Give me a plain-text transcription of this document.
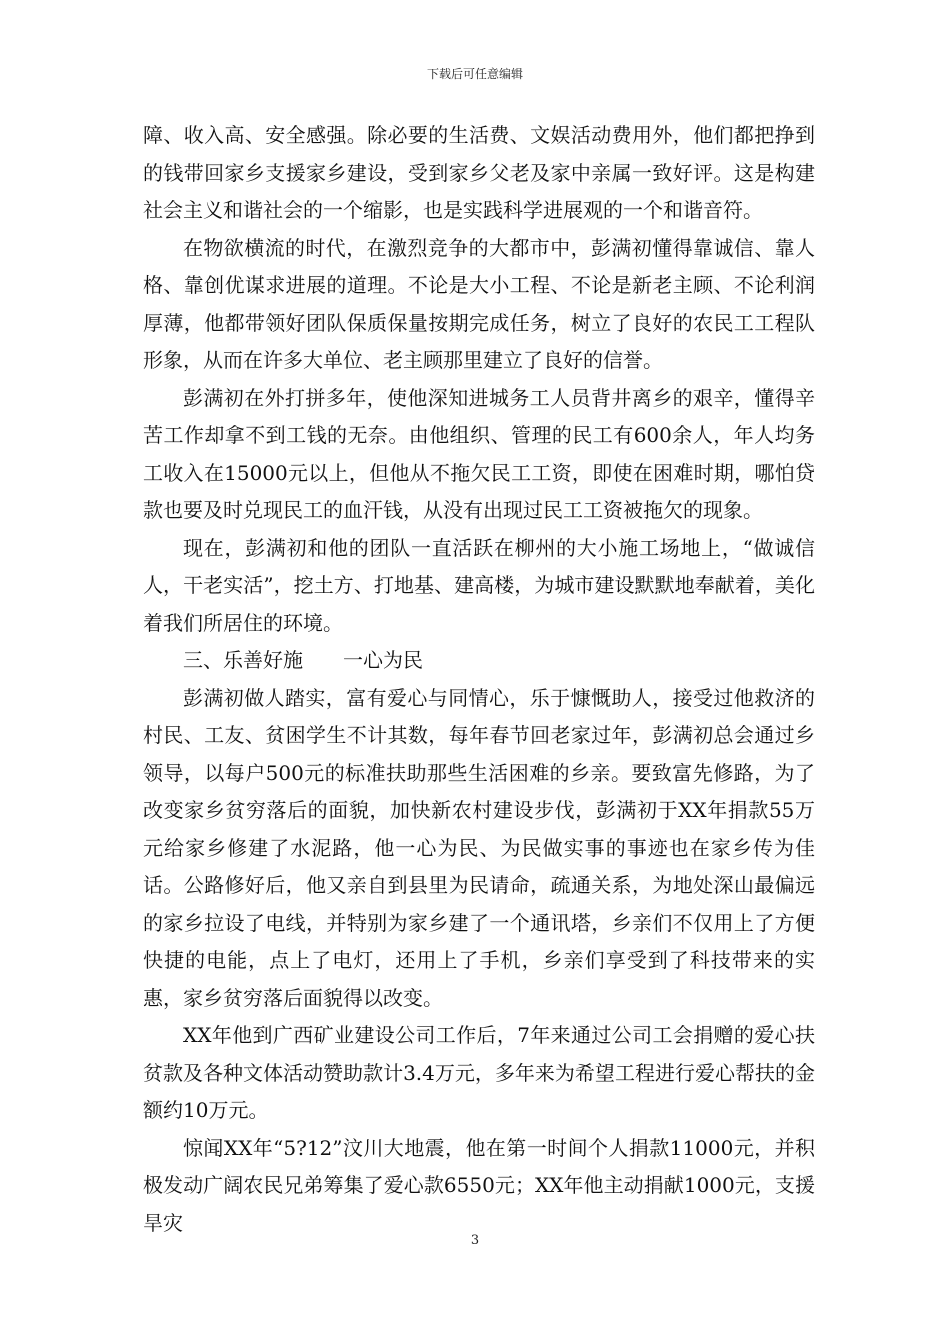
下载后可任意编辑

障、收入高、安全感强。除必要的生活费、文娱活动费用外，他们都把挣到的钱带回家乡支援家乡建设，受到家乡父老及家中亲属一致好评。这是构建社会主义和谐社会的一个缩影，也是实践科学进展观的一个和谐音符。

在物欲横流的时代，在激烈竞争的大都市中，彭满初懂得靠诚信、靠人格、靠创优谋求进展的道理。不论是大小工程、不论是新老主顾、不论利润厚薄，他都带领好团队保质保量按期完成任务，树立了良好的农民工工程队形象，从而在许多大单位、老主顾那里建立了良好的信誉。

彭满初在外打拼多年，使他深知进城务工人员背井离乡的艰辛，懂得辛苦工作却拿不到工钱的无奈。由他组织、管理的民工有600余人，年人均务工收入在15000元以上，但他从不拖欠民工工资，即使在困难时期，哪怕贷款也要及时兑现民工的血汗钱，从没有出现过民工工资被拖欠的现象。

现在，彭满初和他的团队一直活跃在柳州的大小施工场地上，“做诚信人，干老实活”，挖土方、打地基、建高楼，为城市建设默默地奉献着，美化着我们所居住的环境。

三、乐善好施　　一心为民

彭满初做人踏实，富有爱心与同情心，乐于慷慨助人，接受过他救济的村民、工友、贫困学生不计其数，每年春节回老家过年，彭满初总会通过乡领导，以每户500元的标准扶助那些生活困难的乡亲。要致富先修路，为了改变家乡贫穷落后的面貌，加快新农村建设步伐，彭满初于XX年捐款55万元给家乡修建了水泥路，他一心为民、为民做实事的事迹也在家乡传为佳话。公路修好后，他又亲自到县里为民请命，疏通关系，为地处深山最偏远的家乡拉设了电线，并特别为家乡建了一个通讯塔，乡亲们不仅用上了方便快捷的电能，点上了电灯，还用上了手机，乡亲们享受到了科技带来的实惠，家乡贫穷落后面貌得以改变。

XX年他到广西矿业建设公司工作后，7年来通过公司工会捐赠的爱心扶贫款及各种文体活动赞助款计3.4万元，多年来为希望工程进行爱心帮扶的金额约10万元。

惊闻XX年“5?12”汶川大地震，他在第一时间个人捐款11000元，并积极发动广阔农民兄弟筹集了爱心款6550元；XX年他主动捐献1000元，支援旱灾

3
